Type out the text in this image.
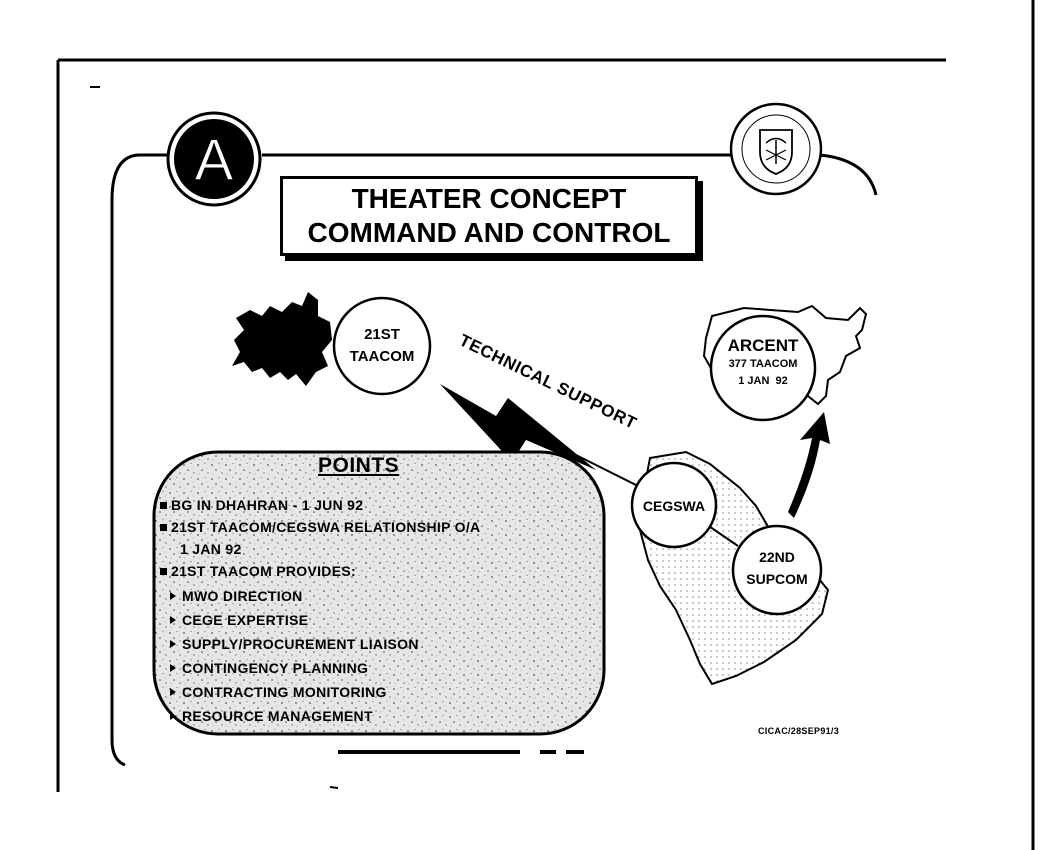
TECHNICAL SUPPORT
A
THEATER CONCEPT
COMMAND AND CONTROL
21ST
TAACOM
ARCENT
377 TAACOM
1 JAN  92
CEGSWA
22ND
SUPCOM
POINTS
BG IN DHAHRAN - 1 JUN 92
21ST TAACOM/CEGSWA RELATIONSHIP O/A
1 JAN 92
21ST TAACOM PROVIDES:
MWO DIRECTION
CEGE EXPERTISE
SUPPLY/PROCUREMENT LIAISON
CONTINGENCY PLANNING
CONTRACTING MONITORING
RESOURCE MANAGEMENT
CICAC/28SEP91/3
